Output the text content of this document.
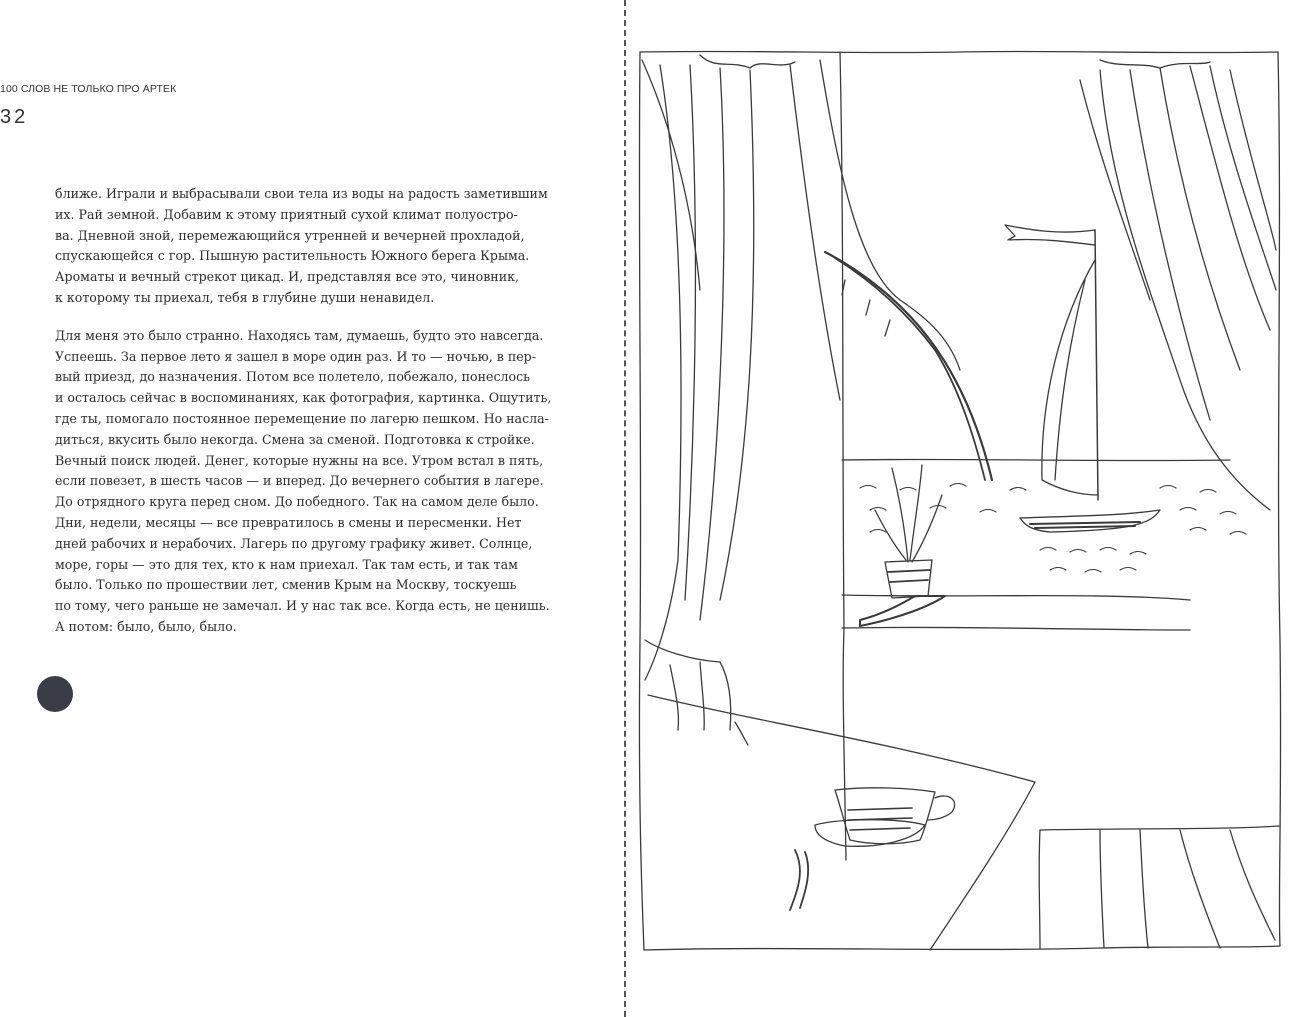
100 СЛОВ НЕ ТОЛЬКО ПРО АРТЕК
32

ближе. Играли и выбрасывали свои тела из воды на радость заметившим

их. Рай земной. Добавим к этому приятный сухой климат полуостро-

ва. Дневной зной, перемежающийся утренней и вечерней прохладой,

спускающейся с гор. Пышную растительность Южного берега Крыма.

Ароматы и вечный стрекот цикад. И, представляя все это, чиновник,

к которому ты приехал, тебя в глубине души ненавидел.

Для меня это было странно. Находясь там, думаешь, будто это навсегда.

Успеешь. За первое лето я зашел в море один раз. И то — ночью, в пер-

вый приезд, до назначения. Потом все полетело, побежало, понеслось

и осталось сейчас в воспоминаниях, как фотография, картинка. Ощутить,

где ты, помогало постоянное перемещение по лагерю пешком. Но насла-

диться, вкусить было некогда. Смена за сменой. Подготовка к стройке.

Вечный поиск людей. Денег, которые нужны на все. Утром встал в пять,

если повезет, в шесть часов — и вперед. До вечернего события в лагере.

До отрядного круга перед сном. До победного. Так на самом деле было.

Дни, недели, месяцы — все превратилось в смены и пересменки. Нет

дней рабочих и нерабочих. Лагерь по другому графику живет. Солнце,

море, горы — это для тех, кто к нам приехал. Так там есть, и так там

было. Только по прошествии лет, сменив Крым на Москву, тоскуешь

по тому, чего раньше не замечал. И у нас так все. Когда есть, не ценишь.

А потом: было, было, было.
